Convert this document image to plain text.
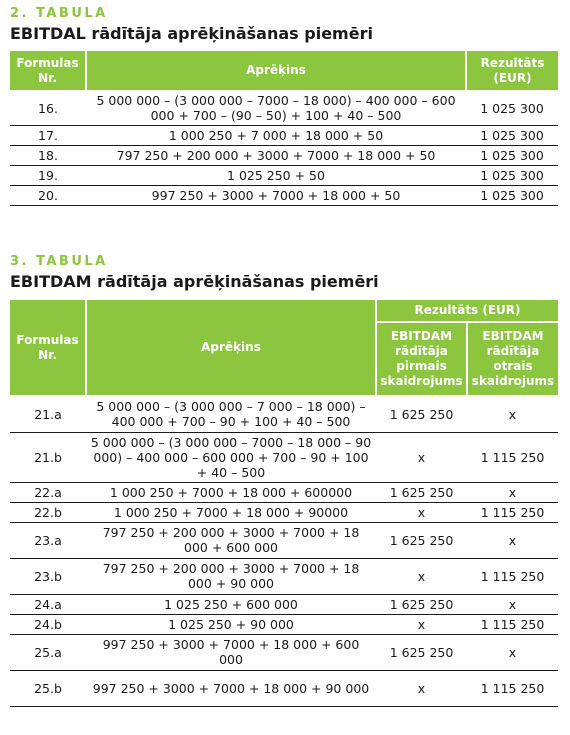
2. TABULA
EBITDAL rādītāja aprēķināšanas piemēri
Formulas Nr.	Aprēķins	Rezultāts (EUR)
16.	5 000 000 – (3 000 000 – 7000 – 18 000) – 400 000 – 600 000 + 700 – (90 – 50) + 100 + 40 – 500	1 025 300
17.	1 000 250 + 7 000 + 18 000 + 50	1 025 300
18.	797 250 + 200 000 + 3000 + 7000 + 18 000 + 50	1 025 300
19.	1 025 250 + 50	1 025 300
20.	997 250 + 3000 + 7000 + 18 000 + 50	1 025 300
3. TABULA
EBITDAM rādītāja aprēķināšanas piemēri
Formulas Nr.	Aprēķins	Rezultāts (EUR)	
		EBITDAM rādītāja pirmais skaidrojums	EBITDAM rādītāja otrais skaidrojums
21.a	5 000 000 – (3 000 000 – 7 000 – 18 000) – 400 000 + 700 – 90 + 100 + 40 – 500	1 625 250	x
21.b	5 000 000 – (3 000 000 – 7000 – 18 000 – 90 000) – 400 000 – 600 000 + 700 – 90 + 100 + 40 – 500	x	1 115 250
22.a	1 000 250 + 7000 + 18 000 + 600000	1 625 250	x
22.b	1 000 250 + 7000 + 18 000 + 90000	x	1 115 250
23.a	797 250 + 200 000 + 3000 + 7000 + 18 000 + 600 000	1 625 250	x
23.b	797 250 + 200 000 + 3000 + 7000 + 18 000 + 90 000	x	1 115 250
24.a	1 025 250 + 600 000	1 625 250	x
24.b	1 025 250 + 90 000	x	1 115 250
25.a	997 250 + 3000 + 7000 + 18 000 + 600 000	1 625 250	x
25.b	997 250 + 3000 + 7000 + 18 000 + 90 000	x	1 115 250
